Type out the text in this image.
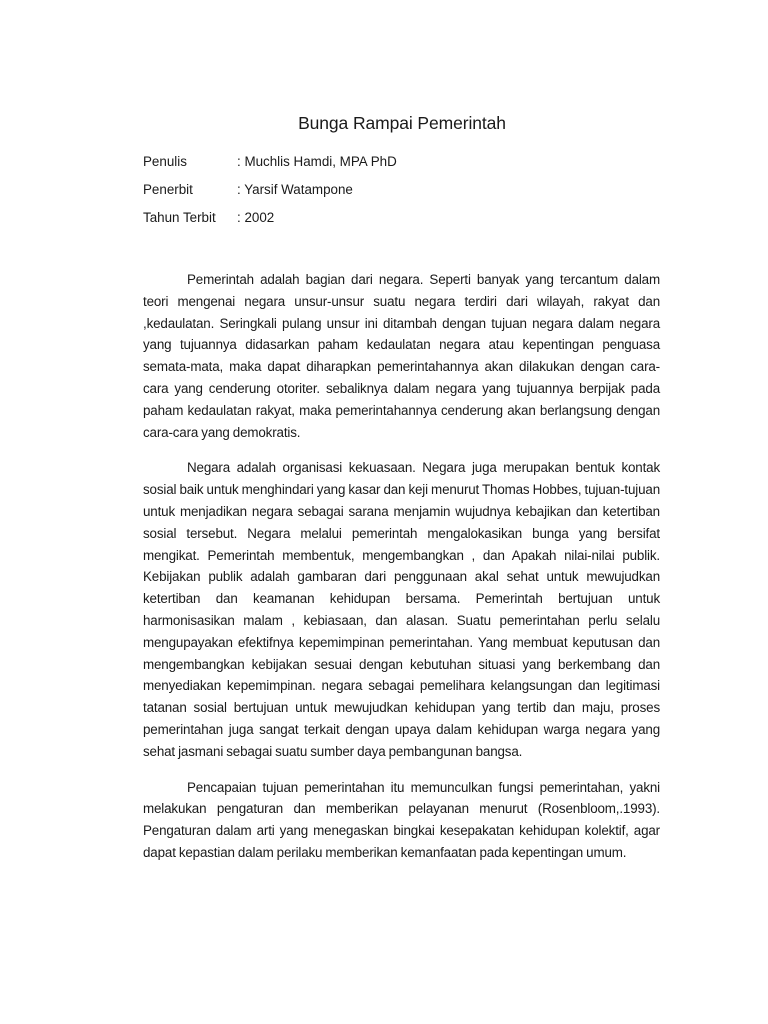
Bunga Rampai Pemerintah
Penulis	: Muchlis Hamdi, MPA PhD
Penerbit	: Yarsif Watampone
Tahun Terbit : 2002

Pemerintah adalah bagian dari negara. Seperti banyak yang tercantum dalam teori mengenai negara unsur-unsur suatu negara terdiri dari wilayah, rakyat dan ,kedaulatan. Seringkali pulang unsur ini ditambah dengan tujuan negara dalam negara yang tujuannya didasarkan paham kedaulatan negara atau kepentingan penguasa semata-mata, maka dapat diharapkan pemerintahannya akan dilakukan dengan cara-cara yang cenderung otoriter. sebaliknya dalam negara yang tujuannya berpijak pada paham kedaulatan rakyat, maka pemerintahannya cenderung akan berlangsung dengan cara-cara yang demokratis.

Negara adalah organisasi kekuasaan. Negara juga merupakan bentuk kontak sosial baik untuk menghindari yang kasar dan keji menurut Thomas Hobbes, tujuan-tujuan untuk menjadikan negara sebagai sarana menjamin wujudnya kebajikan dan ketertiban sosial tersebut. Negara melalui pemerintah mengalokasikan bunga yang bersifat mengikat. Pemerintah membentuk, mengembangkan , dan Apakah nilai-nilai publik. Kebijakan publik adalah gambaran dari penggunaan akal sehat untuk mewujudkan ketertiban dan keamanan kehidupan bersama. Pemerintah bertujuan untuk harmonisasikan malam , kebiasaan, dan alasan. Suatu pemerintahan perlu selalu mengupayakan efektifnya kepemimpinan pemerintahan. Yang membuat keputusan dan mengembangkan kebijakan sesuai dengan kebutuhan situasi yang berkembang dan menyediakan kepemimpinan. negara sebagai pemelihara kelangsungan dan legitimasi tatanan sosial bertujuan untuk mewujudkan kehidupan yang tertib dan maju, proses pemerintahan juga sangat terkait dengan upaya dalam kehidupan warga negara yang sehat jasmani sebagai suatu sumber daya pembangunan bangsa.

Pencapaian tujuan pemerintahan itu memunculkan fungsi pemerintahan, yakni melakukan pengaturan dan memberikan pelayanan menurut (Rosenbloom,.1993). Pengaturan dalam arti yang menegaskan bingkai kesepakatan kehidupan kolektif, agar dapat kepastian dalam perilaku memberikan kemanfaatan pada kepentingan umum.
